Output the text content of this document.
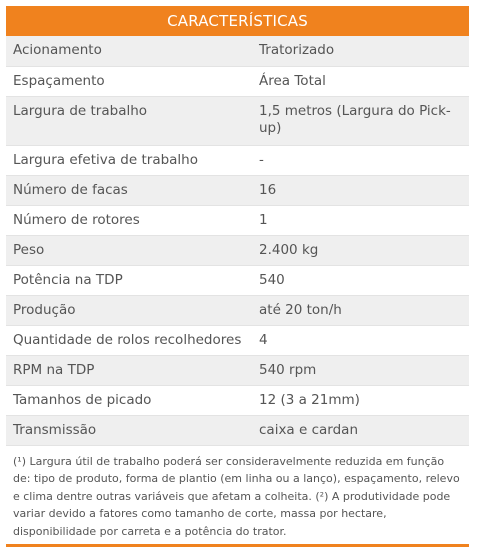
CARACTERÍSTICAS
Acionamento	Tratorizado
Espaçamento	Área Total
Largura de trabalho	1,5 metros (Largura do Pick-up)
Largura efetiva de trabalho	-
Número de facas	16
Número de rotores	1
Peso	2.400 kg
Potência na TDP	540
Produção	até 20 ton/h
Quantidade de rolos recolhedores	4
RPM na TDP	540 rpm
Tamanhos de picado	12 (3 a 21mm)
Transmissão	caixa e cardan
(¹) Largura útil de trabalho poderá ser consideravelmente reduzida em função de: tipo de produto, forma de plantio (em linha ou a lanço), espaçamento, relevo e clima dentre outras variáveis que afetam a colheita. (²) A produtividade pode variar devido a fatores como tamanho de corte, massa por hectare, disponibilidade por carreta e a potência do trator.
